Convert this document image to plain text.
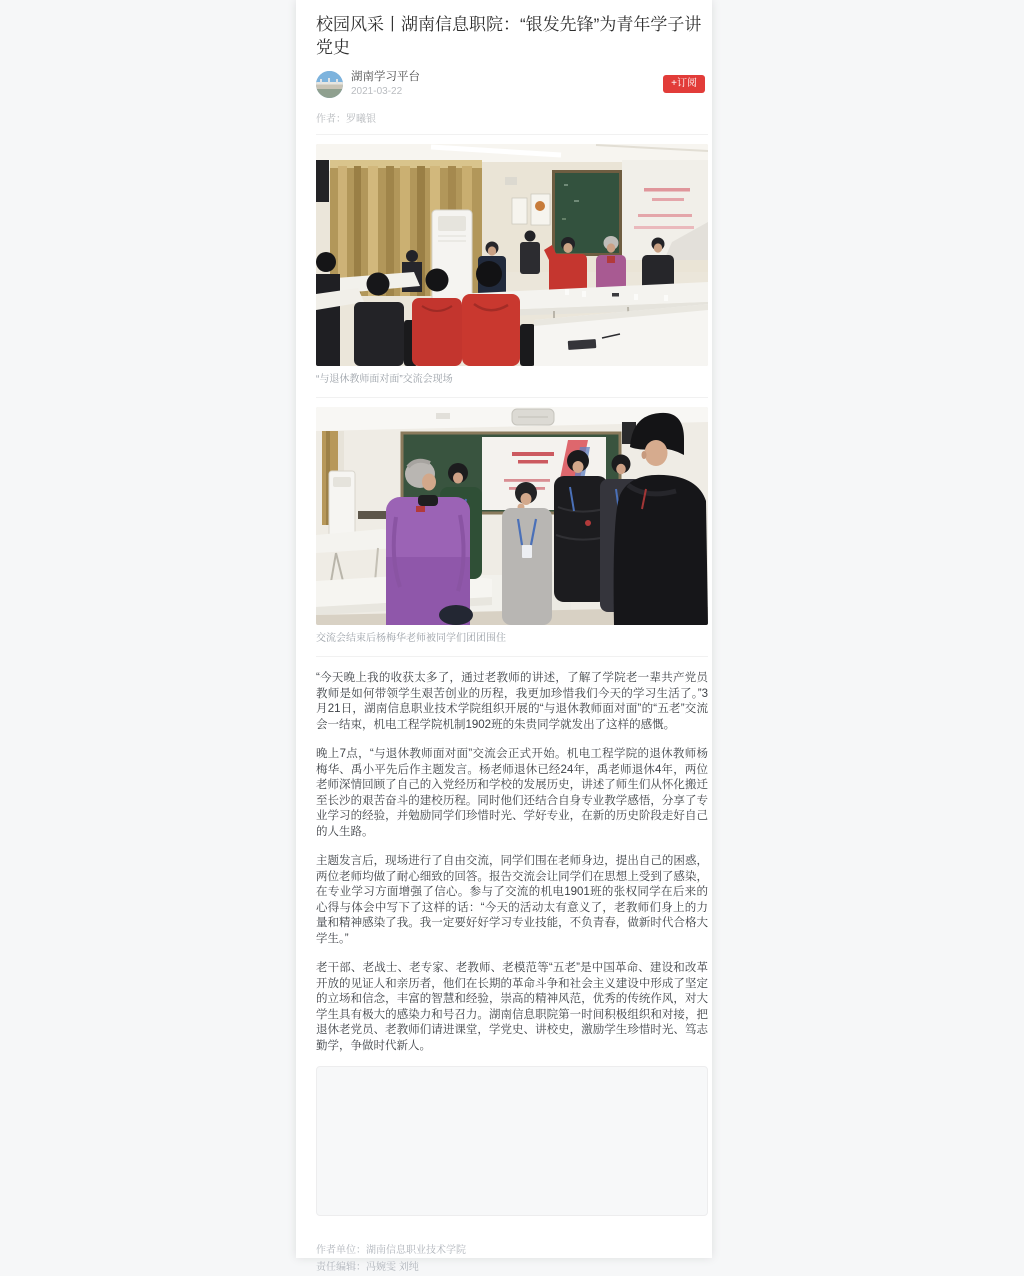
校园风采丨湖南信息职院：“银发先锋”为青年学子讲党史
湖南学习平台
2021-03-22
+订阅
作者：罗曦银
“与退休教师面对面”交流会现场
交流会结束后杨梅华老师被同学们团团围住

“今天晚上我的收获太多了，通过老教师的讲述，了解了学院老一辈共产党员教师是如何带领学生艰苦创业的历程，我更加珍惜我们今天的学习生活了。”3月21日，湖南信息职业技术学院组织开展的“与退休教师面对面”的“五老”交流会一结束，机电工程学院机制1902班的朱贵同学就发出了这样的感慨。

晚上7点，“与退休教师面对面”交流会正式开始。机电工程学院的退休教师杨梅华、禹小平先后作主题发言。杨老师退休已经24年，禹老师退休4年，两位老师深情回顾了自己的入党经历和学校的发展历史，讲述了师生们从怀化搬迁至长沙的艰苦奋斗的建校历程。同时他们还结合自身专业教学感悟，分享了专业学习的经验，并勉励同学们珍惜时光、学好专业，在新的历史阶段走好自己的人生路。

主题发言后，现场进行了自由交流，同学们围在老师身边，提出自己的困惑，两位老师均做了耐心细致的回答。报告交流会让同学们在思想上受到了感染，在专业学习方面增强了信心。参与了交流的机电1901班的张权同学在后来的心得与体会中写下了这样的话：“今天的活动太有意义了，老教师们身上的力量和精神感染了我。我一定要好好学习专业技能，不负青春，做新时代合格大学生。”

老干部、老战士、老专家、老教师、老模范等“五老”是中国革命、建设和改革开放的见证人和亲历者，他们在长期的革命斗争和社会主义建设中形成了坚定的立场和信念，丰富的智慧和经验，崇高的精神风范，优秀的传统作风，对大学生具有极大的感染力和号召力。湖南信息职院第一时间积极组织和对接，把退休老党员、老教师们请进课堂，学党史、讲校史，激励学生珍惜时光、笃志勤学，争做时代新人。

作者单位：湖南信息职业技术学院
责任编辑：冯婉雯 刘纯
